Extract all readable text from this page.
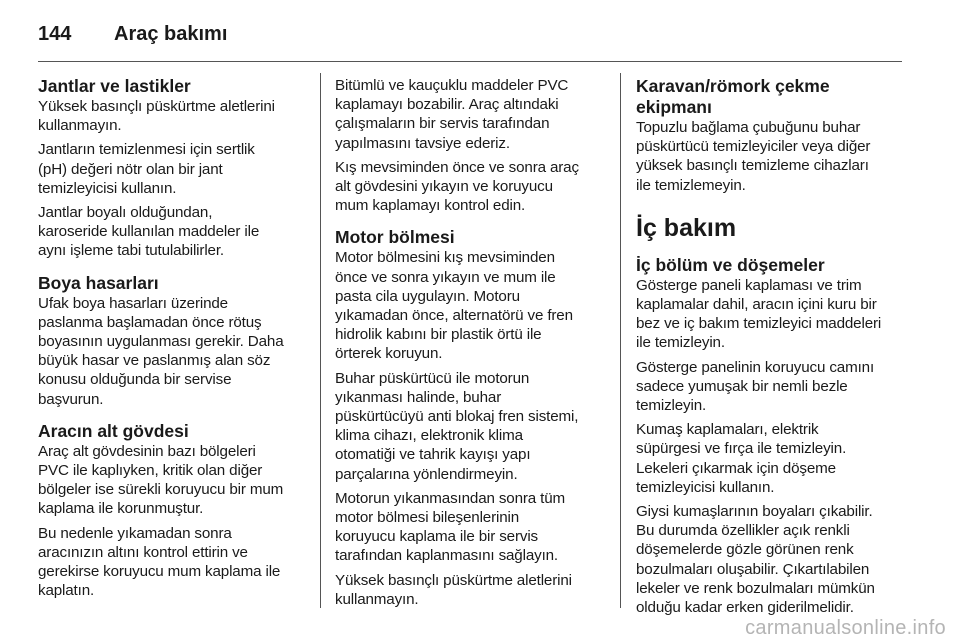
144 Araç bakımı
Jantlar ve lastikler

Yüksek basınçlı püskürtme aletlerini
kullanmayın.

Jantların temizlenmesi için sertlik
(pH) değeri nötr olan bir jant
temizleyicisi kullanın.

Jantlar boyalı olduğundan,
karoseride kullanılan maddeler ile
aynı işleme tabi tutulabilirler.

Boya hasarları

Ufak boya hasarları üzerinde
paslanma başlamadan önce rötuş
boyasının uygulanması gerekir. Daha
büyük hasar ve paslanmış alan söz
konusu olduğunda bir servise
başvurun.

Aracın alt gövdesi

Araç alt gövdesinin bazı bölgeleri
PVC ile kaplıyken, kritik olan diğer
bölgeler ise sürekli koruyucu bir mum
kaplama ile korunmuştur.

Bu nedenle yıkamadan sonra
aracınızın altını kontrol ettirin ve
gerekirse koruyucu mum kaplama ile
kaplatın.

Bitümlü ve kauçuklu maddeler PVC
kaplamayı bozabilir. Araç altındaki
çalışmaların bir servis tarafından
yapılmasını tavsiye ederiz.

Kış mevsiminden önce ve sonra araç
alt gövdesini yıkayın ve koruyucu
mum kaplamayı kontrol edin.

Motor bölmesi

Motor bölmesini kış mevsiminden
önce ve sonra yıkayın ve mum ile
pasta cila uygulayın. Motoru
yıkamadan önce, alternatörü ve fren
hidrolik kabını bir plastik örtü ile
örterek koruyun.

Buhar püskürtücü ile motorun
yıkanması halinde, buhar
püskürtücüyü anti blokaj fren sistemi,
klima cihazı, elektronik klima
otomatiği ve tahrik kayışı yapı
parçalarına yönlendirmeyin.

Motorun yıkanmasından sonra tüm
motor bölmesi bileşenlerinin
koruyucu kaplama ile bir servis
tarafından kaplanmasını sağlayın.

Yüksek basınçlı püskürtme aletlerini
kullanmayın.

Karavan/römork çekme
ekipmanı

Topuzlu bağlama çubuğunu buhar
püskürtücü temizleyiciler veya diğer
yüksek basınçlı temizleme cihazları
ile temizlemeyin.

İç bakım
İç bölüm ve döşemeler

Gösterge paneli kaplaması ve trim
kaplamalar dahil, aracın içini kuru bir
bez ve iç bakım temizleyici maddeleri
ile temizleyin.

Gösterge panelinin koruyucu camını
sadece yumuşak bir nemli bezle
temizleyin.

Kumaş kaplamaları, elektrik
süpürgesi ve fırça ile temizleyin.
Lekeleri çıkarmak için döşeme
temizleyicisi kullanın.

Giysi kumaşlarının boyaları çıkabilir.
Bu durumda özellikler açık renkli
döşemelerde gözle görünen renk
bozulmaları oluşabilir. Çıkartılabilen
lekeler ve renk bozulmaları mümkün
olduğu kadar erken giderilmelidir.

carmanualsonline.info
